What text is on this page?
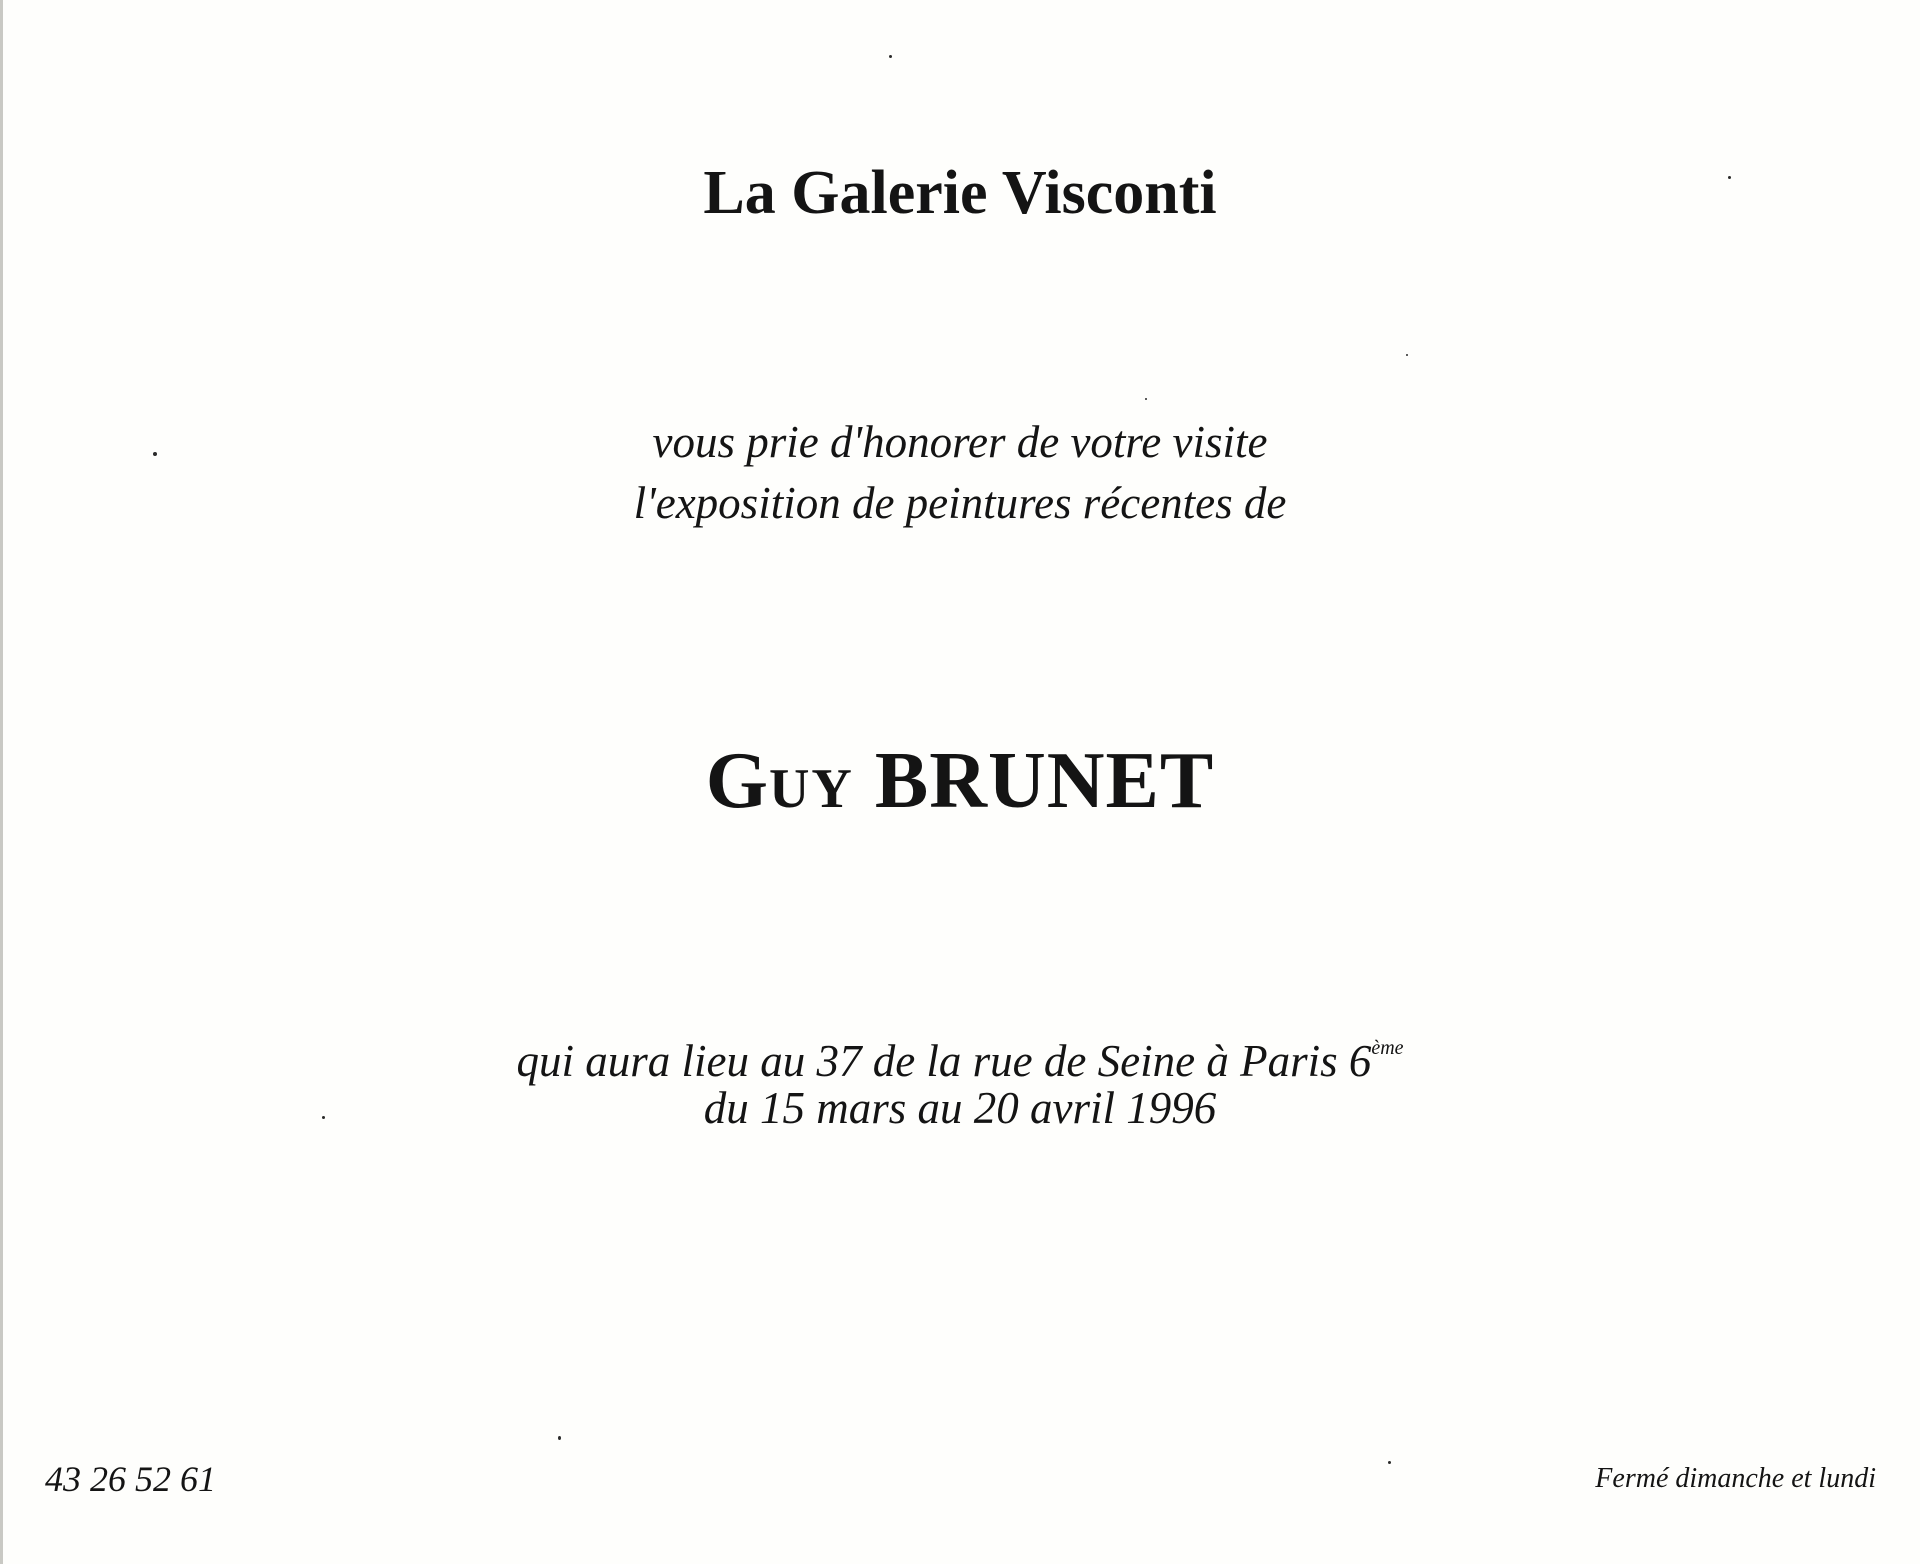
La Galerie Visconti

vous prie d'honorer de votre visite

l'exposition de peintures récentes de

GUY BRUNET

qui aura lieu au 37 de la rue de Seine à Paris 6ème

du 15 mars au 20 avril 1996

43 26 52 61	Fermé dimanche et lundi
